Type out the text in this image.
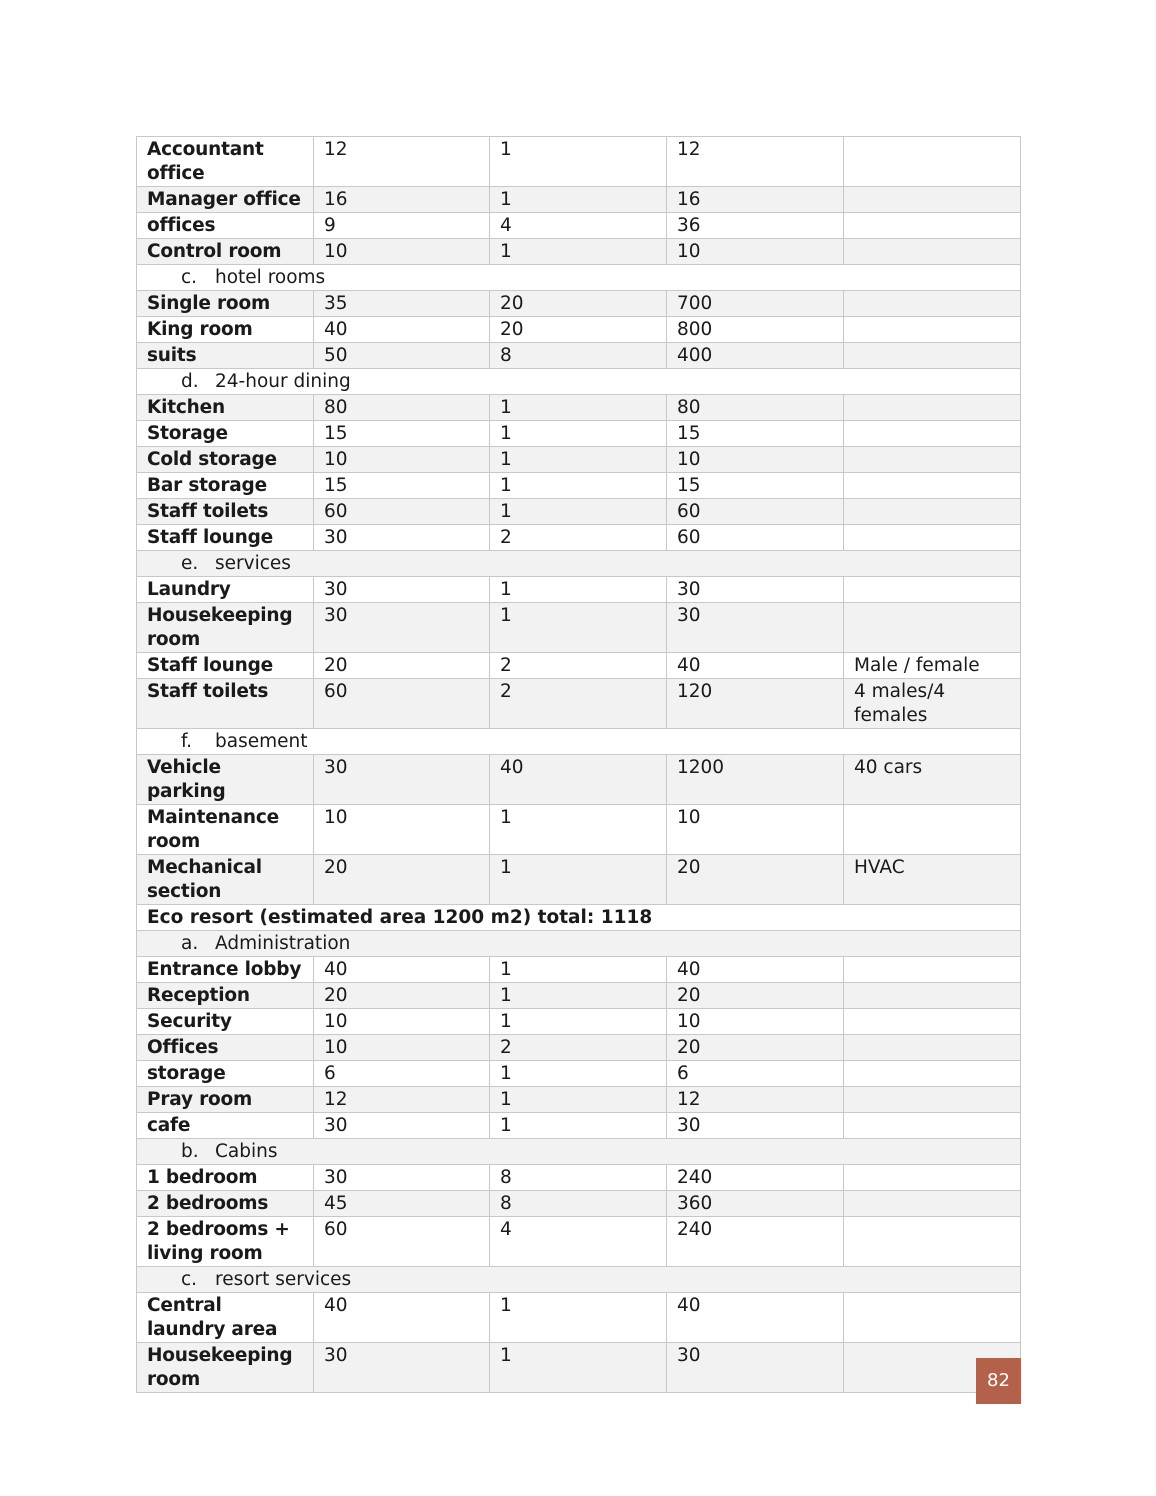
Accountant office	12	1	12	
Manager office	16	1	16	
offices	9	4	36	
Control room	10	1	10	
c. hotel rooms				
Single room	35	20	700	
King room	40	20	800	
suits	50	8	400	
d. 24-hour dining				
Kitchen	80	1	80	
Storage	15	1	15	
Cold storage	10	1	10	
Bar storage	15	1	15	
Staff toilets	60	1	60	
Staff lounge	30	2	60	
e. services				
Laundry	30	1	30	
Housekeeping room	30	1	30	
Staff lounge	20	2	40	Male / female
Staff toilets	60	2	120	4 males/4 females
f. basement				
Vehicle parking	30	40	1200	40 cars
Maintenance room	10	1	10	
Mechanical section	20	1	20	HVAC
Eco resort (estimated area 1200 m2) total: 1118				
a. Administration				
Entrance lobby	40	1	40	
Reception	20	1	20	
Security	10	1	10	
Offices	10	2	20	
storage	6	1	6	
Pray room	12	1	12	
cafe	30	1	30	
b. Cabins				
1 bedroom	30	8	240	
2 bedrooms	45	8	360	
2 bedrooms + living room	60	4	240	
c. resort services				
Central laundry area	40	1	40	
Housekeeping room	30	1	30	
82
